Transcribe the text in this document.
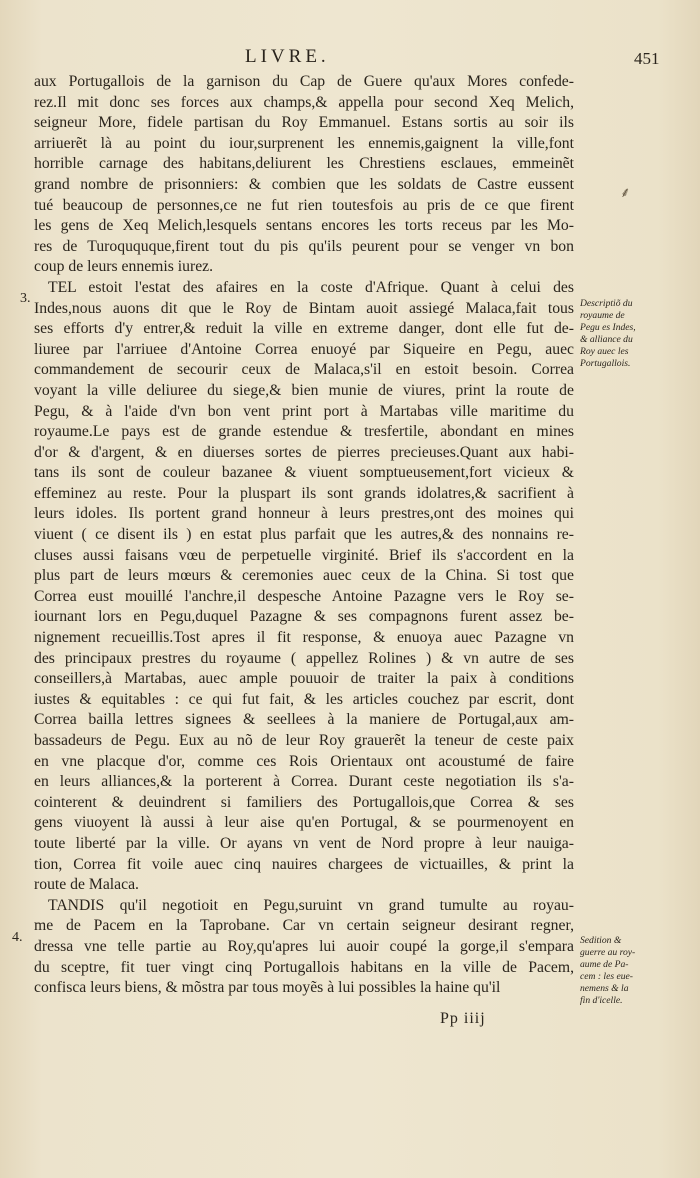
LIVRE.	451
aux Portugallois de la garnison du Cap de Guere qu'aux Mores confede-
rez.Il mit donc ses forces aux champs,& appella pour second Xeq Melich,
seigneur More, fidele partisan du Roy Emmanuel. Estans sortis au soir ils
arriuerẽt là au point du iour,surprenent les ennemis,gaignent la ville,font
horrible carnage des habitans,deliurent les Chrestiens esclaues, emmeinẽt
grand nombre de prisonniers: & combien que les soldats de Castre eussent
tué beaucoup de personnes,ce ne fut rien toutesfois au pris de ce que firent
les gens de Xeq Melich,lesquels sentans encores les torts receus par les Mo-
res de Turoququque,firent tout du pis qu'ils peurent pour se venger vn bon
coup de leurs ennemis iurez.
TEL estoit l'estat des afaires en la coste d'Afrique. Quant à celui des
Indes,nous auons dit que le Roy de Bintam auoit assiegé Malaca,fait tous
ses efforts d'y entrer,& reduit la ville en extreme danger, dont elle fut de-
liuree par l'arriuee d'Antoine Correa enuoyé par Siqueire en Pegu, auec
commandement de secourir ceux de Malaca,s'il en estoit besoin. Correa
voyant la ville deliuree du siege,& bien munie de viures, print la route de
Pegu, & à l'aide d'vn bon vent print port à Martabas ville maritime du
royaume.Le pays est de grande estendue & tresfertile, abondant en mines
d'or & d'argent, & en diuerses sortes de pierres precieuses.Quant aux habi-
tans ils sont de couleur bazanee & viuent somptueusement,fort vicieux &
effeminez au reste. Pour la pluspart ils sont grands idolatres,& sacrifient à
leurs idoles. Ils portent grand honneur à leurs prestres,ont des moines qui
viuent ( ce disent ils ) en estat plus parfait que les autres,& des nonnains re-
cluses aussi faisans vœu de perpetuelle virginité. Brief ils s'accordent en la
plus part de leurs mœurs & ceremonies auec ceux de la China. Si tost que
Correa eust mouillé l'anchre,il despesche Antoine Pazagne vers le Roy se-
iournant lors en Pegu,duquel Pazagne & ses compagnons furent assez be-
nignement recueillis.Tost apres il fit response, & enuoya auec Pazagne vn
des principaux prestres du royaume ( appellez Rolines ) & vn autre de ses
conseillers,à Martabas, auec ample pouuoir de traiter la paix à conditions
iustes & equitables : ce qui fut fait, & les articles couchez par escrit, dont
Correa bailla lettres signees & seellees à la maniere de Portugal,aux am-
bassadeurs de Pegu. Eux au nõ de leur Roy grauerẽt la teneur de ceste paix
en vne placque d'or, comme ces Rois Orientaux ont acoustumé de faire
en leurs alliances,& la porterent à Correa. Durant ceste negotiation ils s'a-
cointerent & deuindrent si familiers des Portugallois,que Correa & ses
gens viuoyent là aussi à leur aise qu'en Portugal, & se pourmenoyent en
toute liberté par la ville. Or ayans vn vent de Nord propre à leur nauiga-
tion, Correa fit voile auec cinq nauires chargees de victuailles, & print la
route de Malaca.
TANDIS qu'il negotioit en Pegu,suruint vn grand tumulte au royau-
me de Pacem en la Taprobane. Car vn certain seigneur desirant regner,
dressa vne telle partie au Roy,qu'apres lui auoir coupé la gorge,il s'empara
du sceptre, fit tuer vingt cinq Portugallois habitans en la ville de Pacem,
confisca leurs biens, & mõstra par tous moyẽs à lui possibles la haine qu'il
3.
4.
Descriptiõ du
royaume de
Pegu es Indes,
& alliance du
Roy auec les
Portugallois.
Sedition &
guerre au roy-
aume de Pa-
cem : les eue-
nemens & la
fin d'icelle.
⸙
Pp iiij
